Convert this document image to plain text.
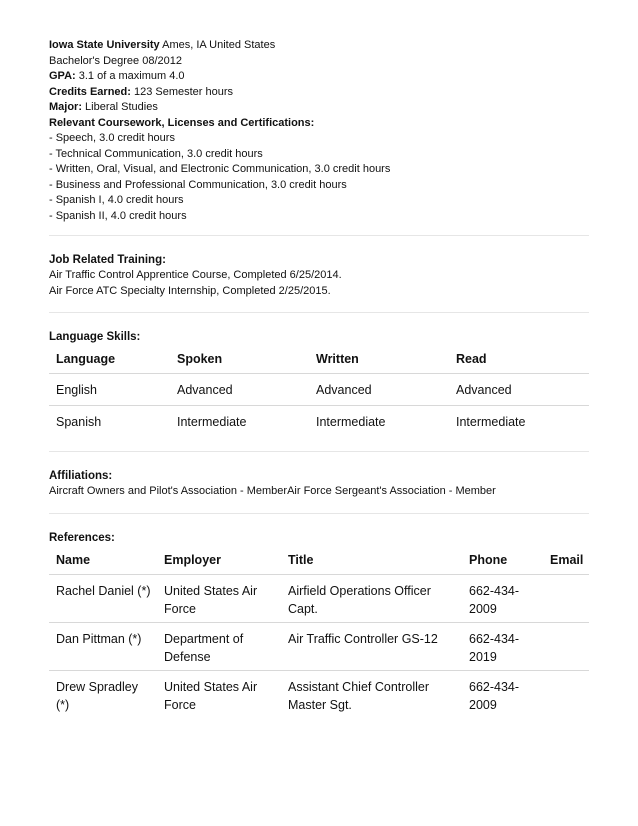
Iowa State University Ames, IA United States
Bachelor's Degree 08/2012
GPA: 3.1 of a maximum 4.0
Credits Earned: 123 Semester hours
Major: Liberal Studies
Relevant Coursework, Licenses and Certifications:
- Speech, 3.0 credit hours
- Technical Communication, 3.0 credit hours
- Written, Oral, Visual, and Electronic Communication, 3.0 credit hours
- Business and Professional Communication, 3.0 credit hours
- Spanish I, 4.0 credit hours
- Spanish II, 4.0 credit hours
Job Related Training:
Air Traffic Control Apprentice Course, Completed 6/25/2014.
Air Force ATC Specialty Internship, Completed 2/25/2015.
Language Skills:
Language	Spoken	Written	Read
English	Advanced	Advanced	Advanced
Spanish	Intermediate	Intermediate	Intermediate
Affiliations:
Aircraft Owners and Pilot's Association - MemberAir Force Sergeant's Association - Member
References:
Name	Employer	Title	Phone	Email
Rachel Daniel (*)	United States Air Force	Airfield Operations Officer Capt.	662-434-2009	
Dan Pittman (*)	Department of Defense	Air Traffic Controller GS-12	662-434-2019	
Drew Spradley (*)	United States Air Force	Assistant Chief Controller Master Sgt.	662-434-2009	
